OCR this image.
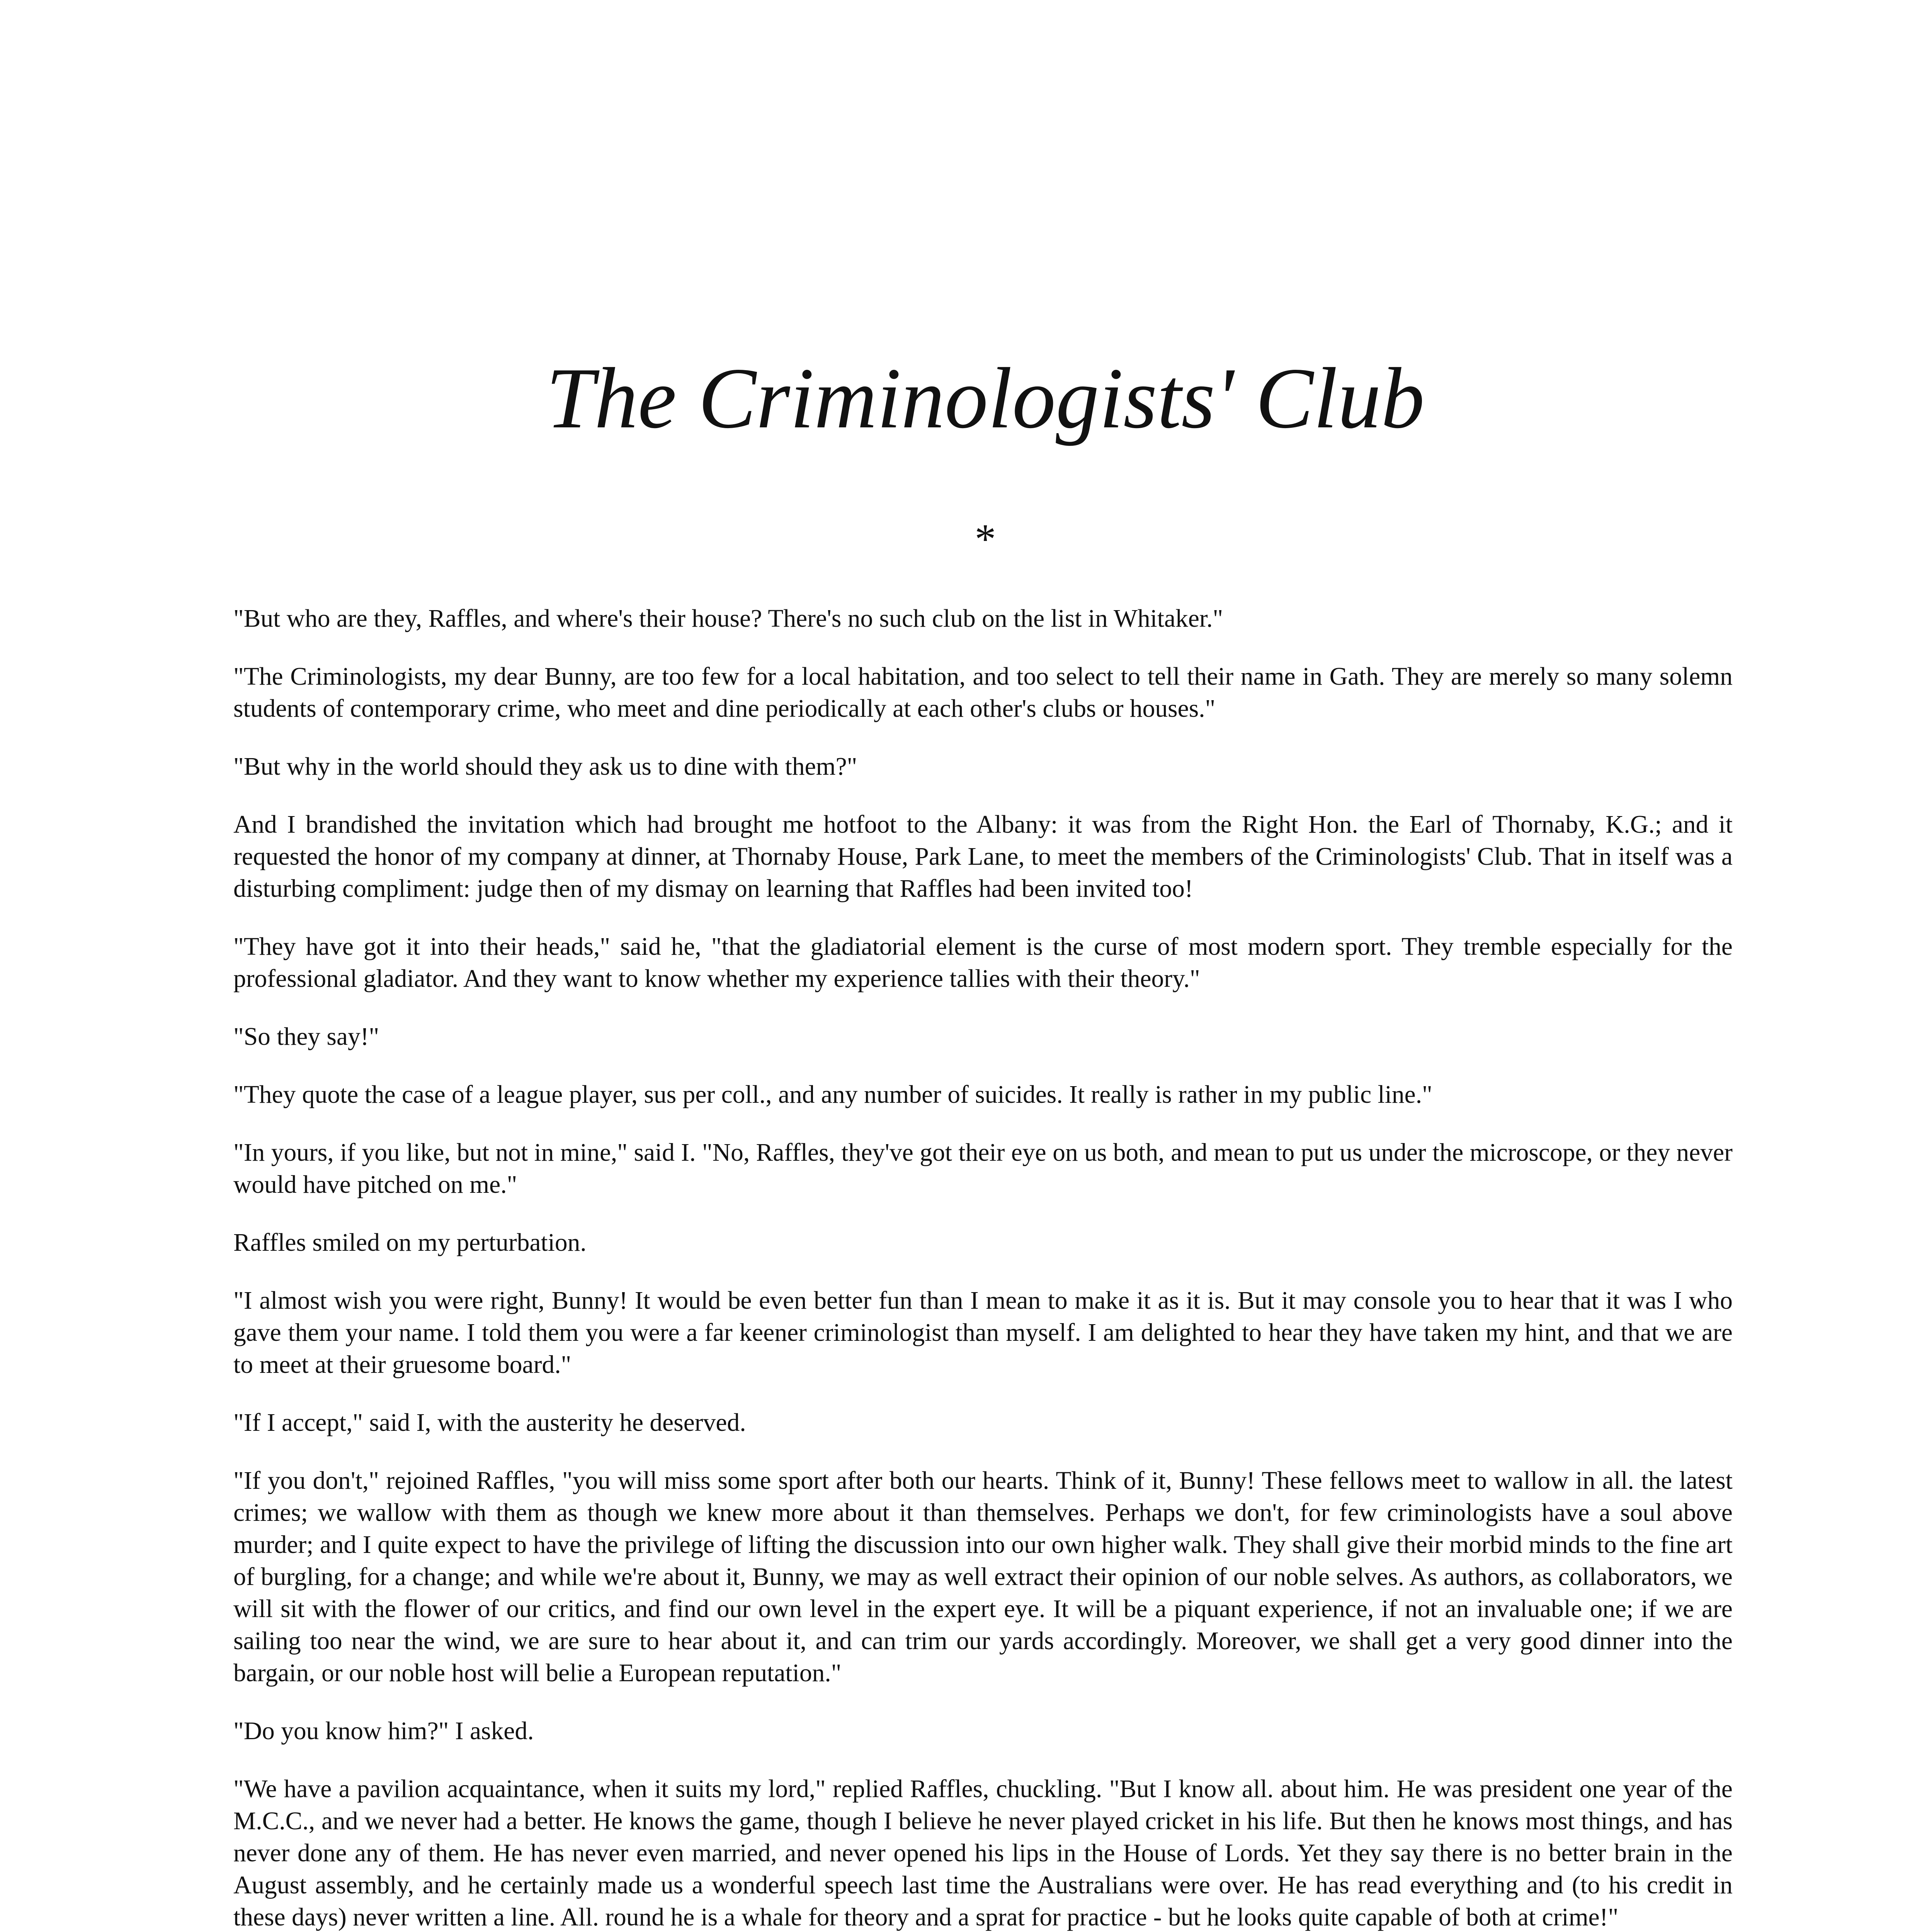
The Criminologists' Club
*

"But who are they, Raffles, and where's their house? There's no such club on the list in Whitaker."

"The Criminologists, my dear Bunny, are too few for a local habitation, and too select to tell their name in Gath. They are merely so many solemn students of contemporary crime, who meet and dine periodically at each other's clubs or houses."

"But why in the world should they ask us to dine with them?"

And I brandished the invitation which had brought me hotfoot to the Albany: it was from the Right Hon. the Earl of Thornaby, K.G.; and it requested the honor of my company at dinner, at Thornaby House, Park Lane, to meet the members of the Criminologists' Club. That in itself was a disturbing compliment: judge then of my dismay on learning that Raffles had been invited too!

"They have got it into their heads," said he, "that the gladiatorial element is the curse of most modern sport. They tremble especially for the professional gladiator. And they want to know whether my experience tallies with their theory."

"So they say!"

"They quote the case of a league player, sus per coll., and any number of suicides. It really is rather in my public line."

"In yours, if you like, but not in mine," said I. "No, Raffles, they've got their eye on us both, and mean to put us under the microscope, or they never would have pitched on me."

Raffles smiled on my perturbation.

"I almost wish you were right, Bunny! It would be even better fun than I mean to make it as it is. But it may console you to hear that it was I who gave them your name. I told them you were a far keener criminologist than myself. I am delighted to hear they have taken my hint, and that we are to meet at their gruesome board."

"If I accept," said I, with the austerity he deserved.

"If you don't," rejoined Raffles, "you will miss some sport after both our hearts. Think of it, Bunny! These fellows meet to wallow in all. the latest crimes; we wallow with them as though we knew more about it than themselves. Perhaps we don't, for few criminologists have a soul above murder; and I quite expect to have the privilege of lifting the discussion into our own higher walk. They shall give their morbid minds to the fine art of burgling, for a change; and while we're about it, Bunny, we may as well extract their opinion of our noble selves. As authors, as collaborators, we will sit with the flower of our critics, and find our own level in the expert eye. It will be a piquant experience, if not an invaluable one; if we are sailing too near the wind, we are sure to hear about it, and can trim our yards accordingly. Moreover, we shall get a very good dinner into the bargain, or our noble host will belie a European reputation."

"Do you know him?" I asked.

"We have a pavilion acquaintance, when it suits my lord," replied Raffles, chuckling. "But I know all. about him. He was president one year of the M.C.C., and we never had a better. He knows the game, though I believe he never played cricket in his life. But then he knows most things, and has never done any of them. He has never even married, and never opened his lips in the House of Lords. Yet they say there is no better brain in the August assembly, and he certainly made us a wonderful speech last time the Australians were over. He has read everything and (to his credit in these days) never written a line. All. round he is a whale for theory and a sprat for practice - but he looks quite capable of both at crime!"
